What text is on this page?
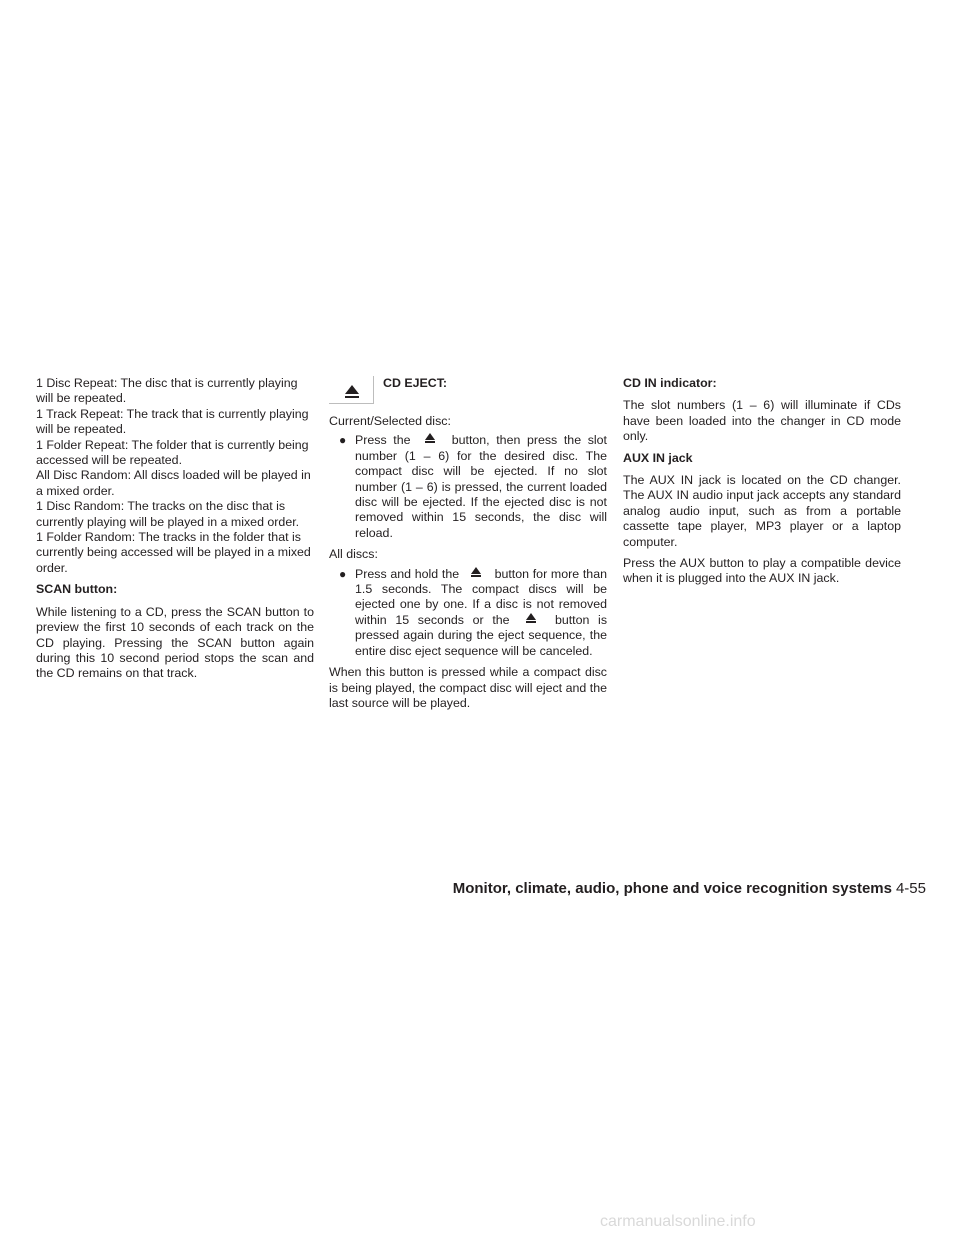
1 Disc Repeat: The disc that is currently playing will be repeated.

1 Track Repeat: The track that is currently playing will be repeated.

1 Folder Repeat: The folder that is currently being accessed will be repeated.

All Disc Random: All discs loaded will be played in a mixed order.

1 Disc Random: The tracks on the disc that is currently playing will be played in a mixed order.

1 Folder Random: The tracks in the folder that is currently being accessed will be played in a mixed order.

SCAN button:

While listening to a CD, press the SCAN button to preview the first 10 seconds of each track on the CD playing. Pressing the SCAN button again during this 10 second period stops the scan and the CD remains on that track.

CD EJECT:

Current/Selected disc:

● Press the	button, then press the slot number (1 – 6) for the desired disc. The compact disc will be ejected. If no slot number (1 – 6) is pressed, the current loaded disc will be ejected. If the ejected disc is not removed within 15 seconds, the disc will reload.

All discs:

● Press and hold the	button for more than 1.5 seconds. The compact discs will be ejected one by one. If a disc is not removed within 15 seconds or the	button is pressed again during the eject sequence, the entire disc eject sequence will be canceled.

When this button is pressed while a compact disc is being played, the compact disc will eject and the last source will be played.

CD IN indicator:

The slot numbers (1 – 6) will illuminate if CDs have been loaded into the changer in CD mode only.

AUX IN jack

The AUX IN jack is located on the CD changer. The AUX IN audio input jack accepts any standard analog audio input, such as from a portable cassette tape player, MP3 player or a laptop computer.

Press the AUX button to play a compatible device when it is plugged into the AUX IN jack.

Monitor, climate, audio, phone and voice recognition systems 4-55
carmanualsonline.info
